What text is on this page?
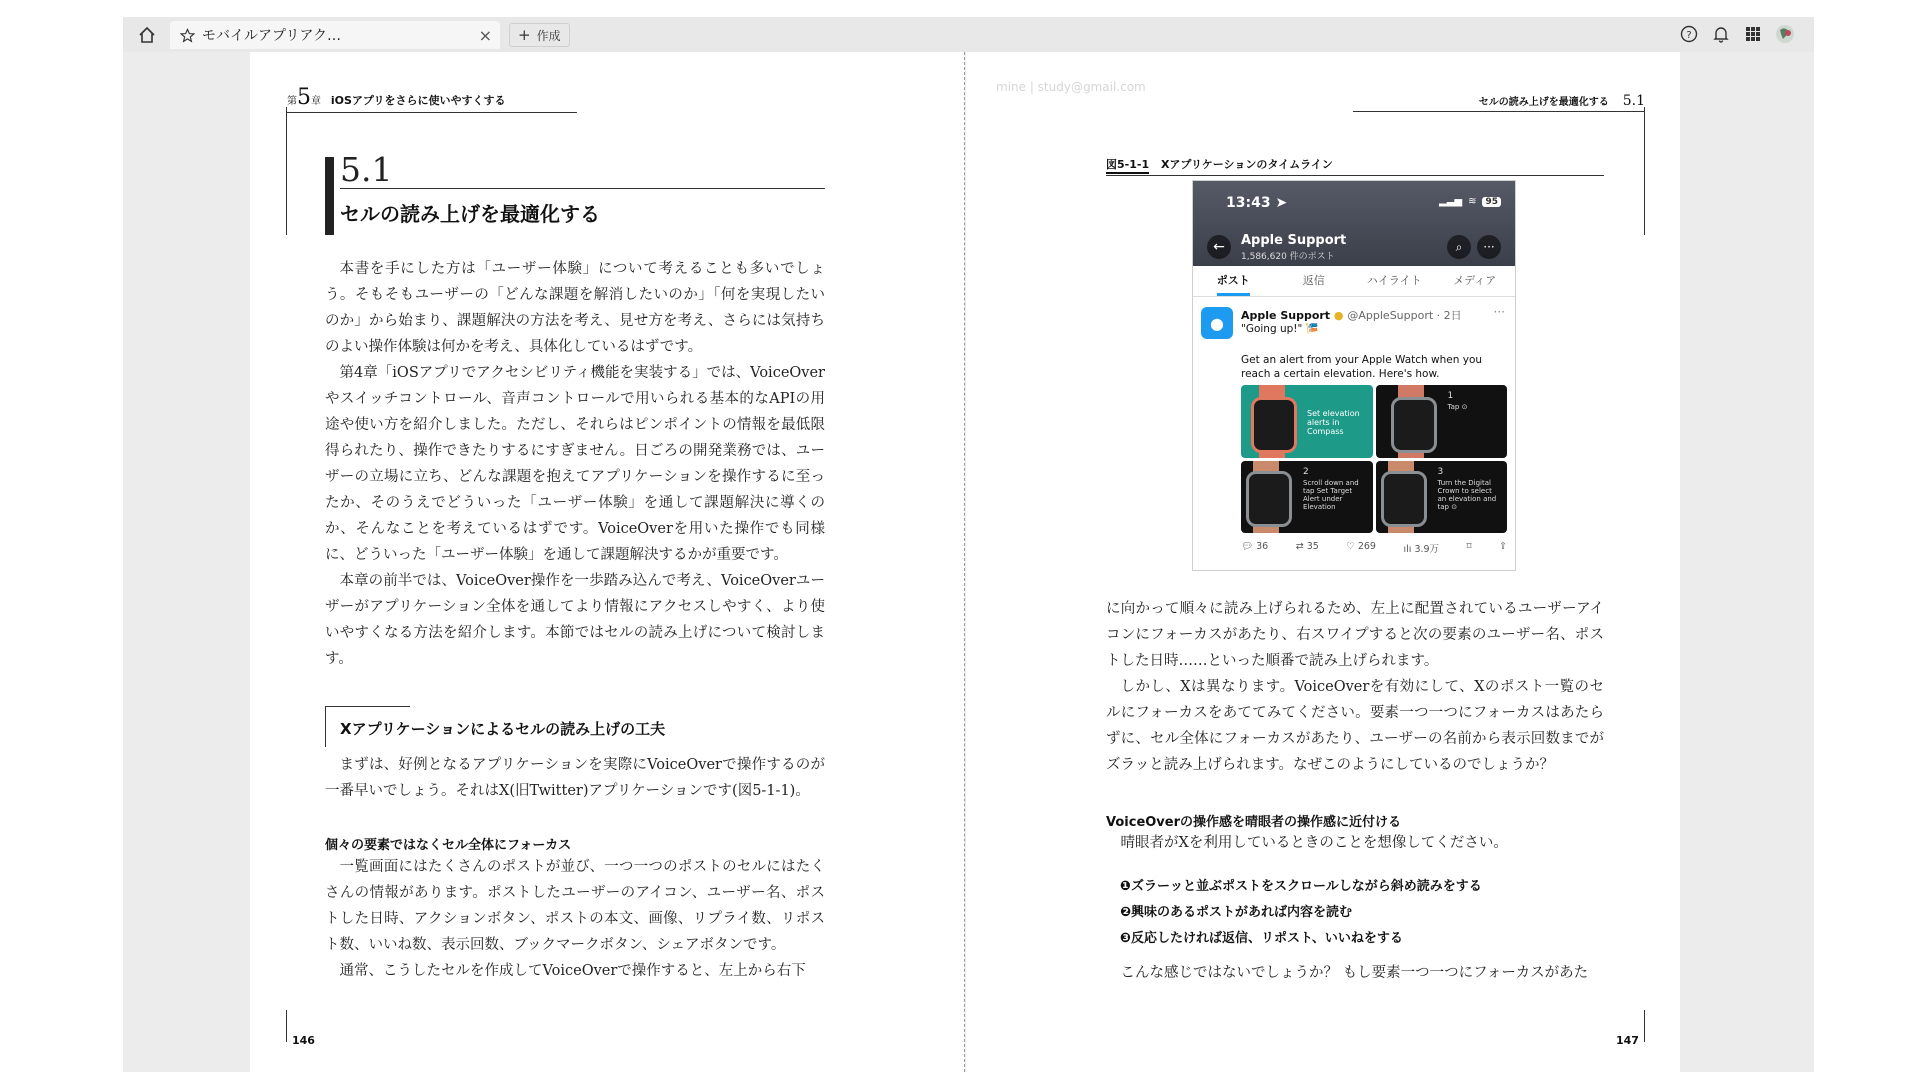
モバイルアプリアク…	× + 作成	?
第5章 iOSアプリをさらに使いやすくする
5.1
セルの読み上げを最適化する

本書を手にした方は「ユーザー体験」について考えることも多いでしょう。そもそもユーザーの「どんな課題を解消したいのか」「何を実現したいのか」から始まり、課題解決の方法を考え、見せ方を考え、さらには気持ちのよい操作体験は何かを考え、具体化しているはずです。

第4章「iOSアプリでアクセシビリティ機能を実装する」では、VoiceOverやスイッチコントロール、音声コントロールで用いられる基本的なAPIの用途や使い方を紹介しました。ただし、それらはピンポイントの情報を最低限得られたり、操作できたりするにすぎません。日ごろの開発業務では、ユーザーの立場に立ち、どんな課題を抱えてアプリケーションを操作するに至ったか、そのうえでどういった「ユーザー体験」を通して課題解決に導くのか、そんなことを考えているはずです。VoiceOverを用いた操作でも同様に、どういった「ユーザー体験」を通して課題解決するかが重要です。

本章の前半では、VoiceOver操作を一歩踏み込んで考え、VoiceOverユーザーがアプリケーション全体を通してより情報にアクセスしやすく、より使いやすくなる方法を紹介します。本節ではセルの読み上げについて検討します。

Xアプリケーションによるセルの読み上げの工夫

まずは、好例となるアプリケーションを実際にVoiceOverで操作するのが一番早いでしょう。それはX(旧Twitter)アプリケーションです(図5-1-1)。

個々の要素ではなくセル全体にフォーカス

一覧画面にはたくさんのポストが並び、一つ一つのポストのセルにはたくさんの情報があります。ポストしたユーザーのアイコン、ユーザー名、ポストした日時、アクションボタン、ポストの本文、画像、リプライ数、リポスト数、いいね数、表示回数、ブックマークボタン、シェアボタンです。

通常、こうしたセルを作成してVoiceOverで操作すると、左上から右下

146
mine | study@gmail.com
セルの読み上げを最適化する 5.1
図5-1-1 Xアプリケーションのタイムライン
13:43 ➤	▂▃▅ ≋	95
←	Apple Support
1,586,620 件のポスト
⌕	···
ポスト	返信	ハイライト	メディア
●	Apple Support ● @AppleSupport · 2日	···
"Going up!" 🎏
Get an alert from your Apple Watch when you reach a certain elevation. Here's how.
Set elevation alerts in Compass
1
Tap ⊙
2
Scroll down and tap Set Target Alert under Elevation
3
Turn the Digital Crown to select an elevation and tap ⊙
💬︎ 36	⇄ 35	♡ 269	ılı 3.9万	⌑	⇪

に向かって順々に読み上げられるため、左上に配置されているユーザーアイコンにフォーカスがあたり、右スワイプすると次の要素のユーザー名、ポストした日時……といった順番で読み上げられます。

しかし、Xは異なります。VoiceOverを有効にして、Xのポスト一覧のセルにフォーカスをあててみてください。要素一つ一つにフォーカスはあたらずに、セル全体にフォーカスがあたり、ユーザーの名前から表示回数までがズラッと読み上げられます。なぜこのようにしているのでしょうか？

VoiceOverの操作感を晴眼者の操作感に近付ける

晴眼者がXを利用しているときのことを想像してください。

❶ズラーッと並ぶポストをスクロールしながら斜め読みをする
❷興味のあるポストがあれば内容を読む
❸反応したければ返信、リポスト、いいねをする

こんな感じではないでしょうか？ もし要素一つ一つにフォーカスがあた

147
